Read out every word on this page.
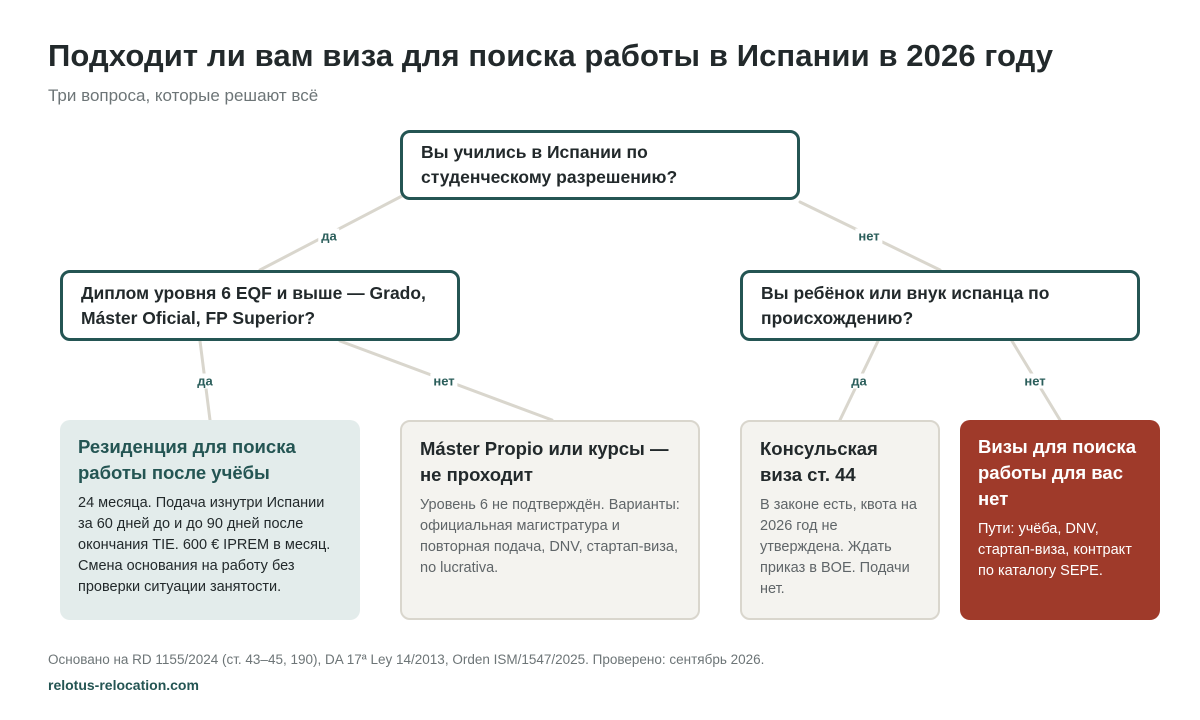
Подходит ли вам виза для поиска работы в Испании в 2026 году
Три вопроса, которые решают всё
да	нет
да	нет	да	нет
Вы учились в Испании по студенческому разрешению?
Диплом уровня 6 EQF и выше — Grado, Máster Oficial, FP Superior?
Вы ребёнок или внук испанца по происхождению?
Резиденция для поиска работы после учёбы
24 месяца. Подача изнутри Испании за 60 дней до и до 90 дней после окончания TIE. 600 € IPREM в месяц. Смена основания на работу без проверки ситуации занятости.
Máster Propio или курсы — не проходит
Уровень 6 не подтверждён. Варианты: официальная магистратура и повторная подача, DNV, стартап-виза, no lucrativa.
Консульская виза ст. 44
В законе есть, квота на 2026 год не утверждена. Ждать приказ в BOE. Подачи нет.
Визы для поиска работы для вас нет
Пути: учёба, DNV, стартап-виза, контракт по каталогу SEPE.
Основано на RD 1155/2024 (ст. 43–45, 190), DA 17ª Ley 14/2013, Orden ISM/1547/2025. Проверено: сентябрь 2026.
relotus-relocation.com
